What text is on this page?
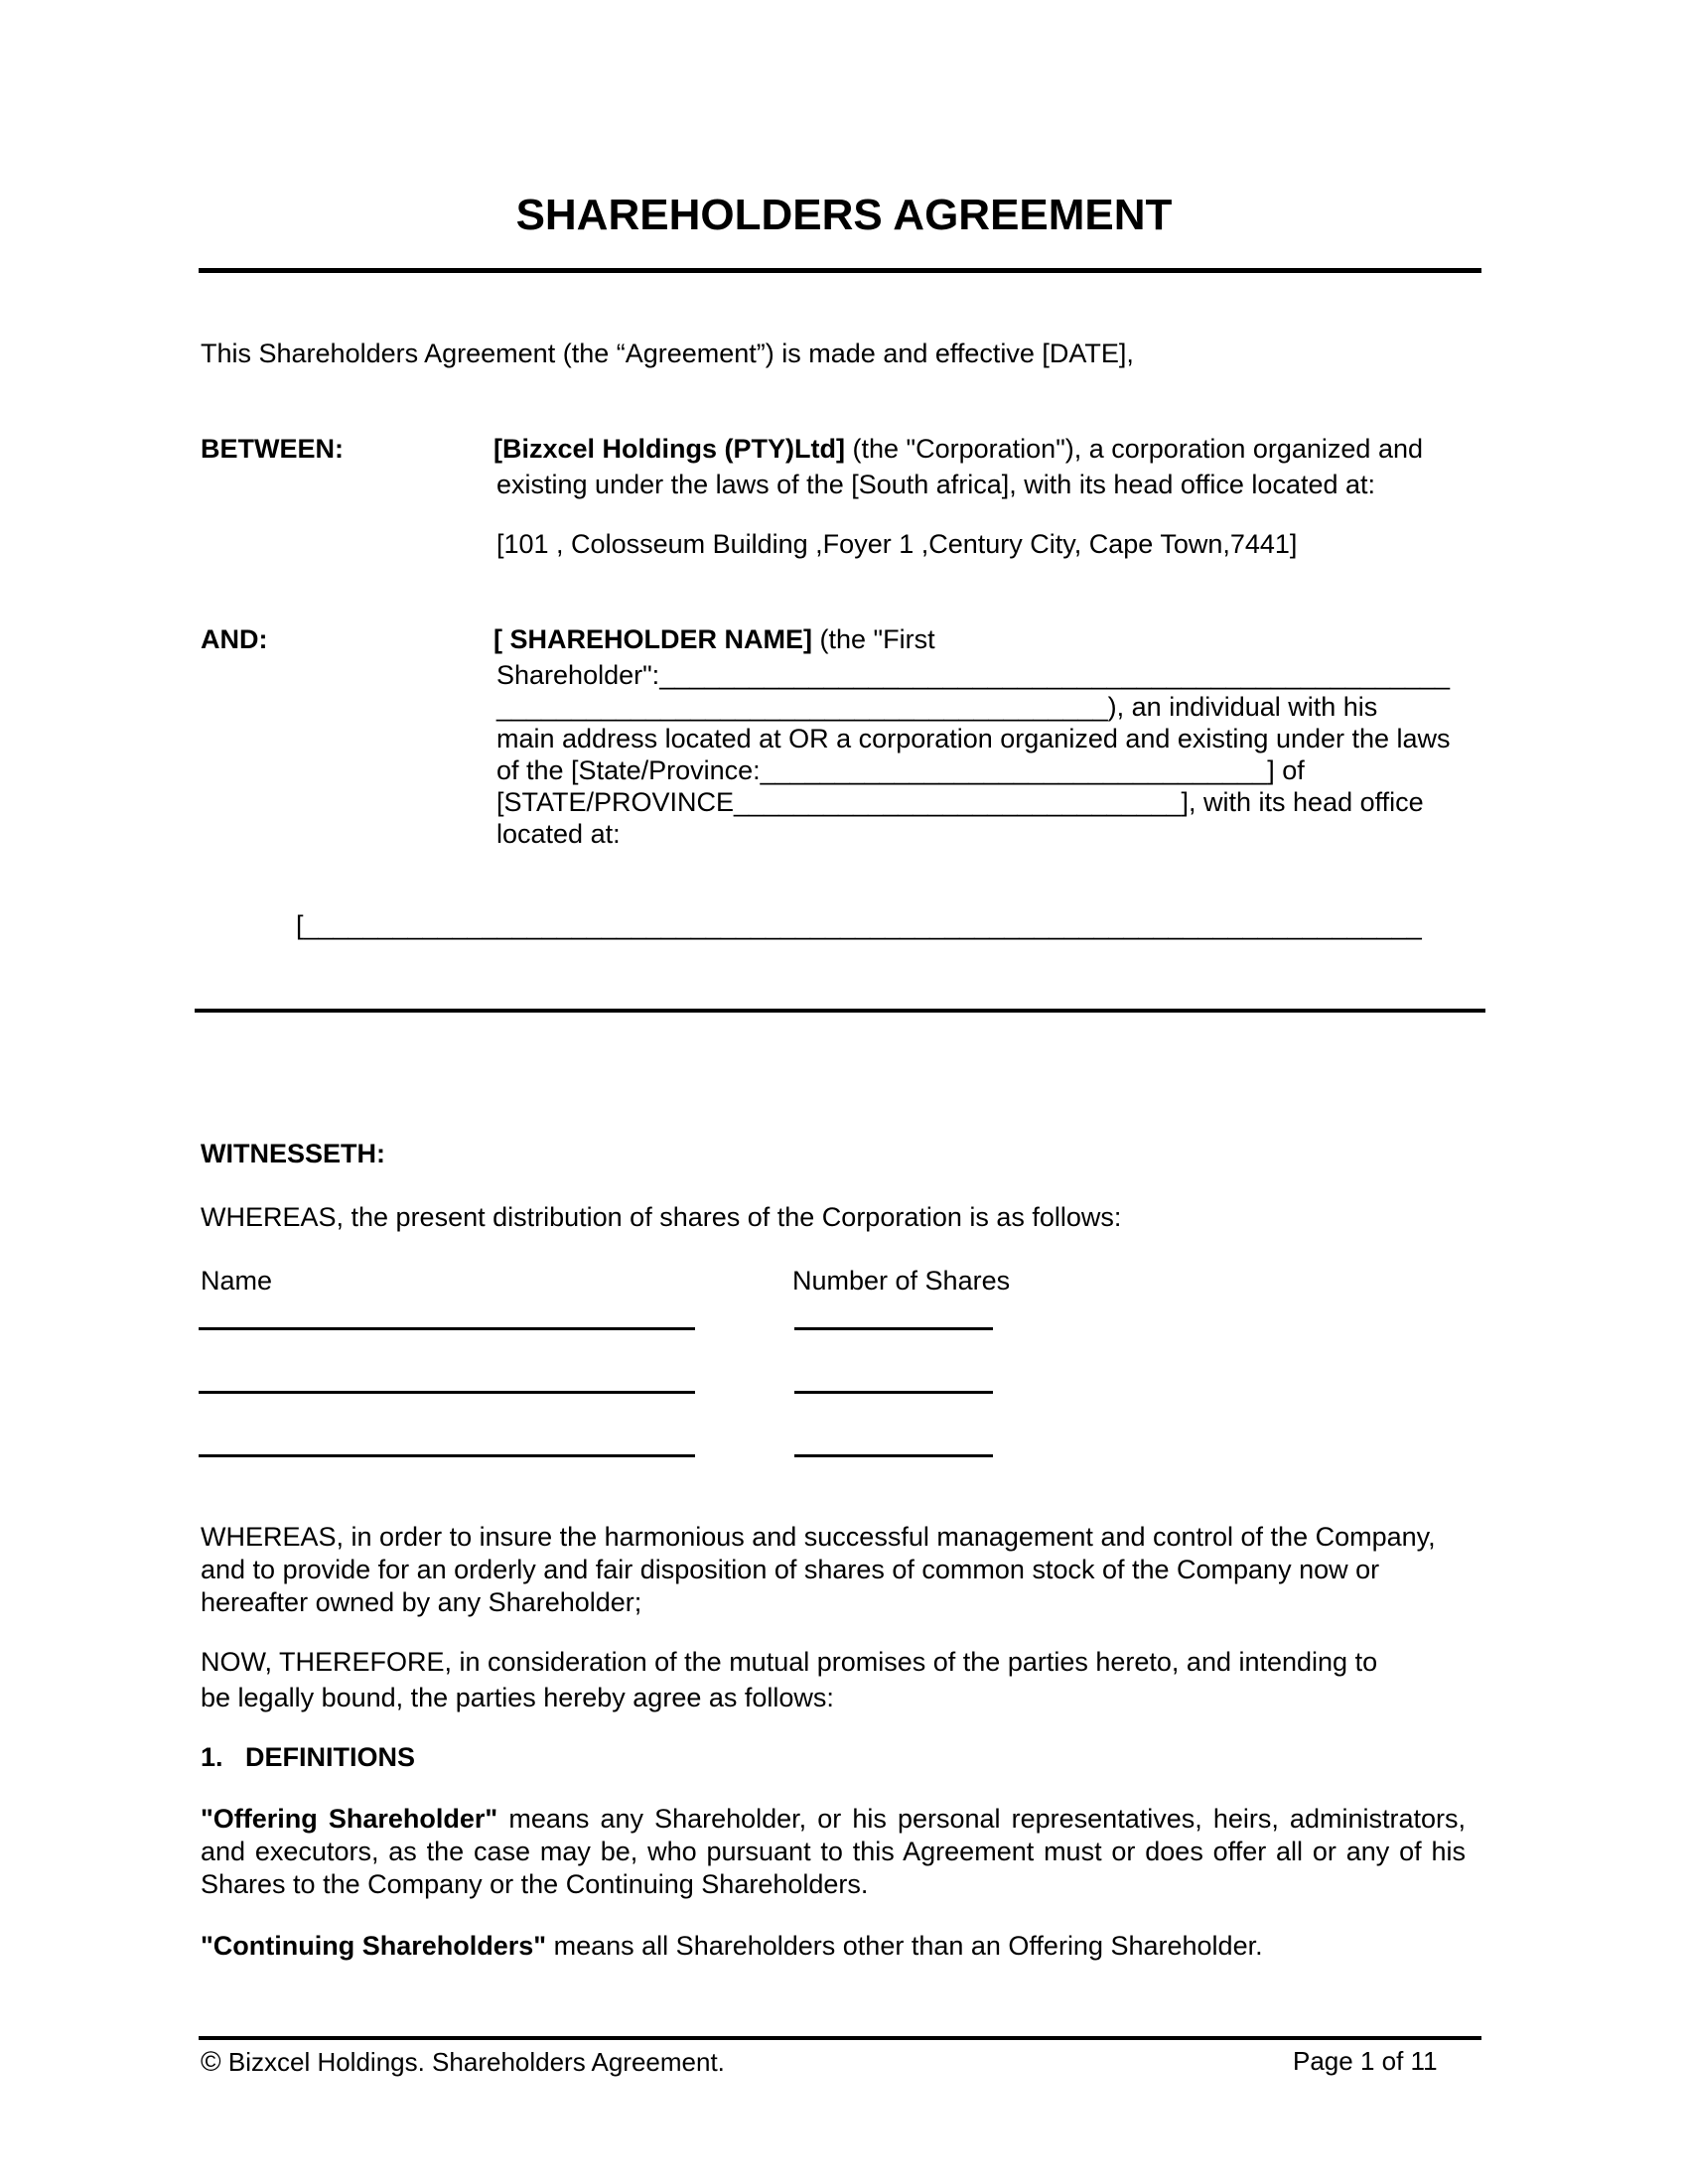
SHAREHOLDERS AGREEMENT
This Shareholders Agreement (the “Agreement”) is made and effective [DATE],
BETWEEN:	[Bizxcel Holdings (PTY)Ltd] (the "Corporation"), a corporation organized and
existing under the laws of the [South africa], with its head office located at:
[101 , Colosseum Building ,Foyer 1 ,Century City, Cape Town,7441]
AND:	[ SHAREHOLDER NAME] (the "First
Shareholder":_____________________________________________________
_________________________________________), an individual with his
main address located at OR a corporation organized and existing under the laws
of the [State/Province:__________________________________] of
[STATE/PROVINCE______________________________], with its head office
located at:
[___________________________________________________________________________
WITNESSETH:
WHEREAS, the present distribution of shares of the Corporation is as follows:
Name	Number of Shares
WHEREAS, in order to insure the harmonious and successful management and control of the Company, and to provide for an orderly and fair disposition of shares of common stock of the Company now or hereafter owned by any Shareholder;
NOW, THEREFORE, in consideration of the mutual promises of the parties hereto, and intending to
be legally bound, the parties hereby agree as follows:
1.   DEFINITIONS
"Offering Shareholder" means any Shareholder, or his personal representatives, heirs, administrators, and executors, as the case may be, who pursuant to this Agreement must or does offer all or any of his Shares to the Company or the Continuing Shareholders.
"Continuing Shareholders" means all Shareholders other than an Offering Shareholder.
© Bizxcel Holdings. Shareholders Agreement.	Page 1 of 11
